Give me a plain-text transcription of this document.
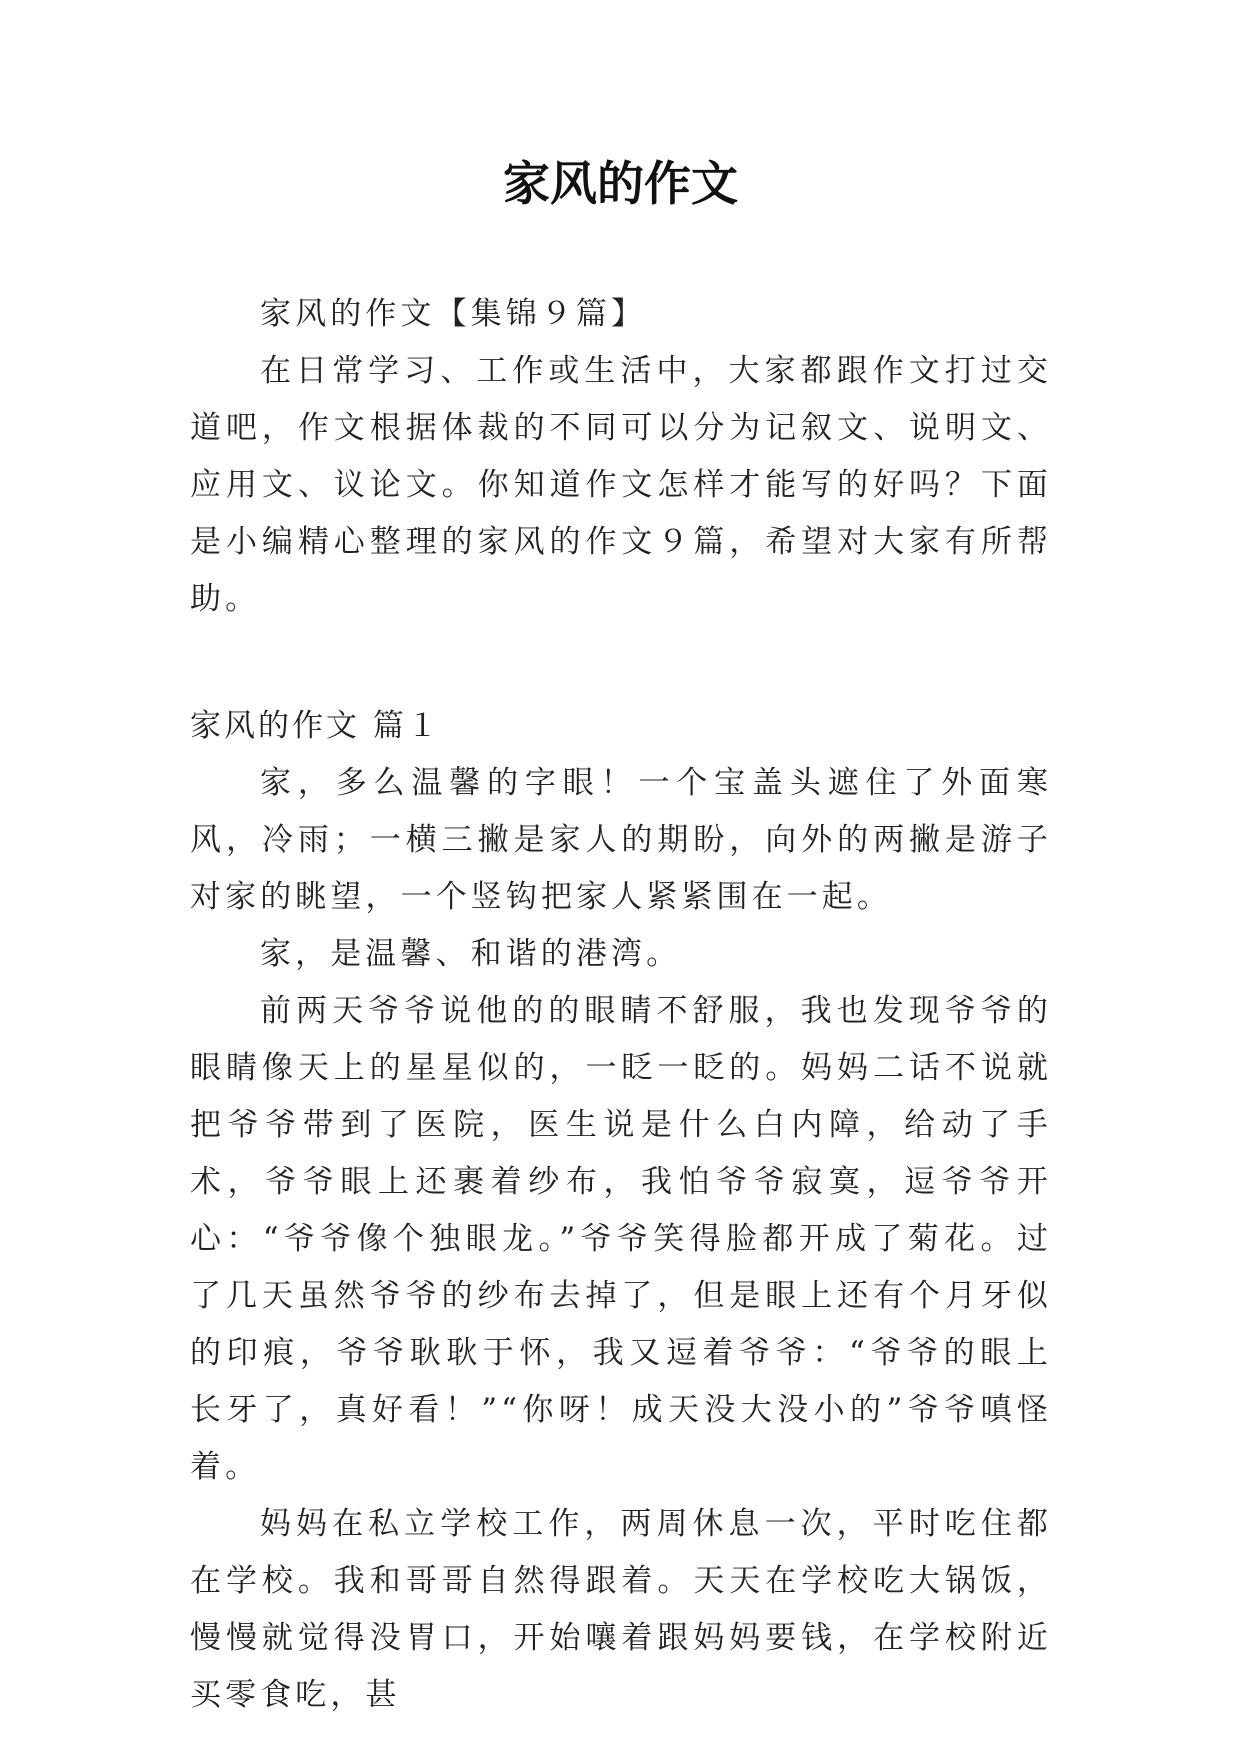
家风的作文

家风的作文【集锦９篇】

在日常学习、工作或生活中，大家都跟作文打过交道吧，作文根据体裁的不同可以分为记叙文、说明文、应用文、议论文。你知道作文怎样才能写的好吗？下面是小编精心整理的家风的作文９篇，希望对大家有所帮助。

家风的作文 篇１

家，多么温馨的字眼！一个宝盖头遮住了外面寒风，冷雨；一横三撇是家人的期盼，向外的两撇是游子对家的眺望，一个竖钩把家人紧紧围在一起。

家，是温馨、和谐的港湾。

前两天爷爷说他的的眼睛不舒服，我也发现爷爷的眼睛像天上的星星似的，一眨一眨的。妈妈二话不说就把爷爷带到了医院，医生说是什么白内障，给动了手术，爷爷眼上还裹着纱布，我怕爷爷寂寞，逗爷爷开心：“爷爷像个独眼龙。”爷爷笑得脸都开成了菊花。过了几天虽然爷爷的纱布去掉了，但是眼上还有个月牙似的印痕，爷爷耿耿于怀，我又逗着爷爷：“爷爷的眼上长牙了，真好看！”“你呀！成天没大没小的”爷爷嗔怪着。

妈妈在私立学校工作，两周休息一次，平时吃住都在学校。我和哥哥自然得跟着。天天在学校吃大锅饭，慢慢就觉得没胃口，开始嚷着跟妈妈要钱，在学校附近买零食吃，甚
